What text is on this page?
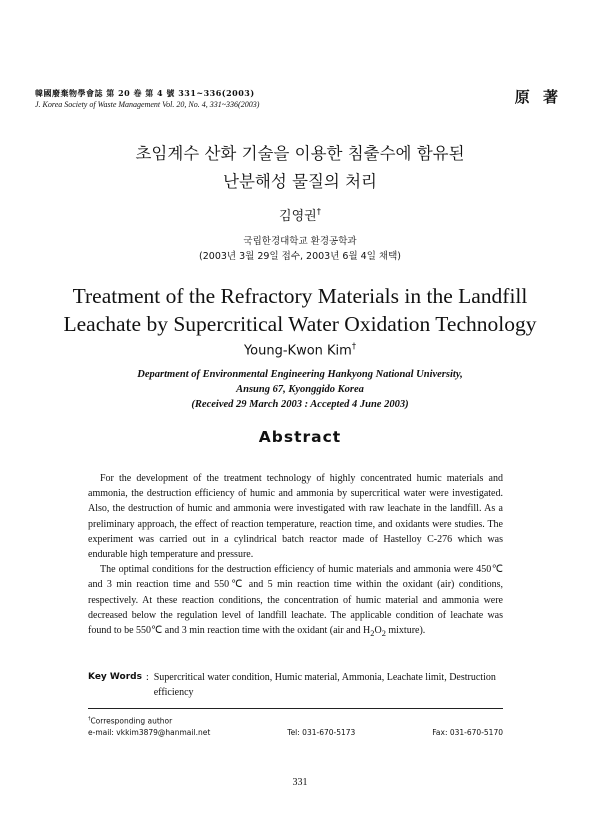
韓國廢棄物學會誌 第 20 卷 第 4 號 331~336(2003)
J. Korea Society of Waste Management Vol. 20, No. 4, 331~336(2003)	原 著
초임계수 산화 기술을 이용한 침출수에 함유된
난분해성 물질의 처리
김영권†
국립한경대학교 환경공학과
(2003년 3월 29일 접수, 2003년 6월 4일 채택)
Treatment of the Refractory Materials in the Landfill
Leachate by Supercritical Water Oxidation Technology
Young-Kwon Kim†
Department of Environmental Engineering Hankyong National University,
Ansung 67, Kyonggido Korea
(Received 29 March 2003 : Accepted 4 June 2003)
Abstract

For the development of the treatment technology of highly concentrated humic materials and ammonia, the destruction efficiency of humic and ammonia by supercritical water were investigated. Also, the destruction of humic and ammonia were investigated with raw leachate in the landfill. As a preliminary approach, the effect of reaction temperature, reaction time, and oxidants were studies. The experiment was carried out in a cylindrical batch reactor made of Hastelloy C-276 which was endurable high temperature and pressure.

The optimal conditions for the destruction efficiency of humic materials and ammonia were 450℃ and 3 min reaction time and 550℃ and 5 min reaction time within the oxidant (air) conditions, respectively. At these reaction conditions, the concentration of humic material and ammonia were decreased below the regulation level of landfill leachate. The applicable condition of leachate was found to be 550℃ and 3 min reaction time with the oxidant (air and $H_2O_2$ mixture).

Key Words : Supercritical water condition, Humic material, Ammonia, Leachate limit, Destruction efficiency
†Corresponding author
e-mail: vkkim3879@hanmail.net	Tel: 031-670-5173	Fax: 031-670-5170
331
